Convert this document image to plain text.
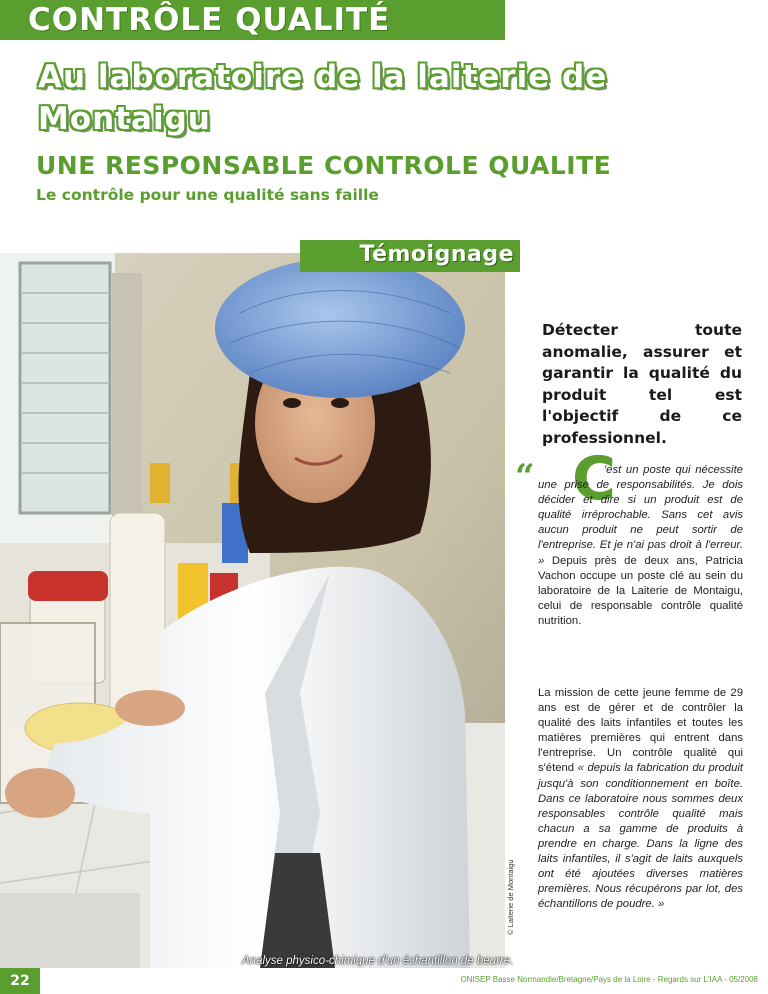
CONTRÔLE QUALITÉ
Au laboratoire de la laiterie de Montaigu
UNE RESPONSABLE CONTROLE QUALITE
Le contrôle pour une qualité sans faille
Témoignage
© Laiterie de Montaigu
Analyse physico-chimique d'un échantillon de beurre.
Détecter toute anomalie, assurer et garantir la qualité du produit tel est l'objectif de ce professionnel.
“ C
'est un poste qui nécessite une prise de responsabilités. Je dois décider et dire si un produit est de qualité irréprochable. Sans cet avis aucun produit ne peut sortir de l'entreprise. Et je n'ai pas droit à l'erreur. » Depuis près de deux ans, Patricia Vachon occupe un poste clé au sein du laboratoire de la Laiterie de Montaigu, celui de responsable contrôle qualité nutrition.
La mission de cette jeune femme de 29 ans est de gérer et de contrôler la qualité des laits infantiles et toutes les matières premières qui entrent dans l'entreprise. Un contrôle qualité qui s'étend « depuis la fabrication du produit jusqu'à son conditionnement en boîte. Dans ce laboratoire nous sommes deux responsables contrôle qualité mais chacun a sa gamme de produits à prendre en charge. Dans la ligne des laits infantiles, il s'agit de laits auxquels ont été ajoutées diverses matières premières. Nous récupérons par lot, des échantillons de poudre. »
22	ONISEP Basse Normandie/Bretagne/Pays de la Loire - Regards sur L'IAA - 05/2008
